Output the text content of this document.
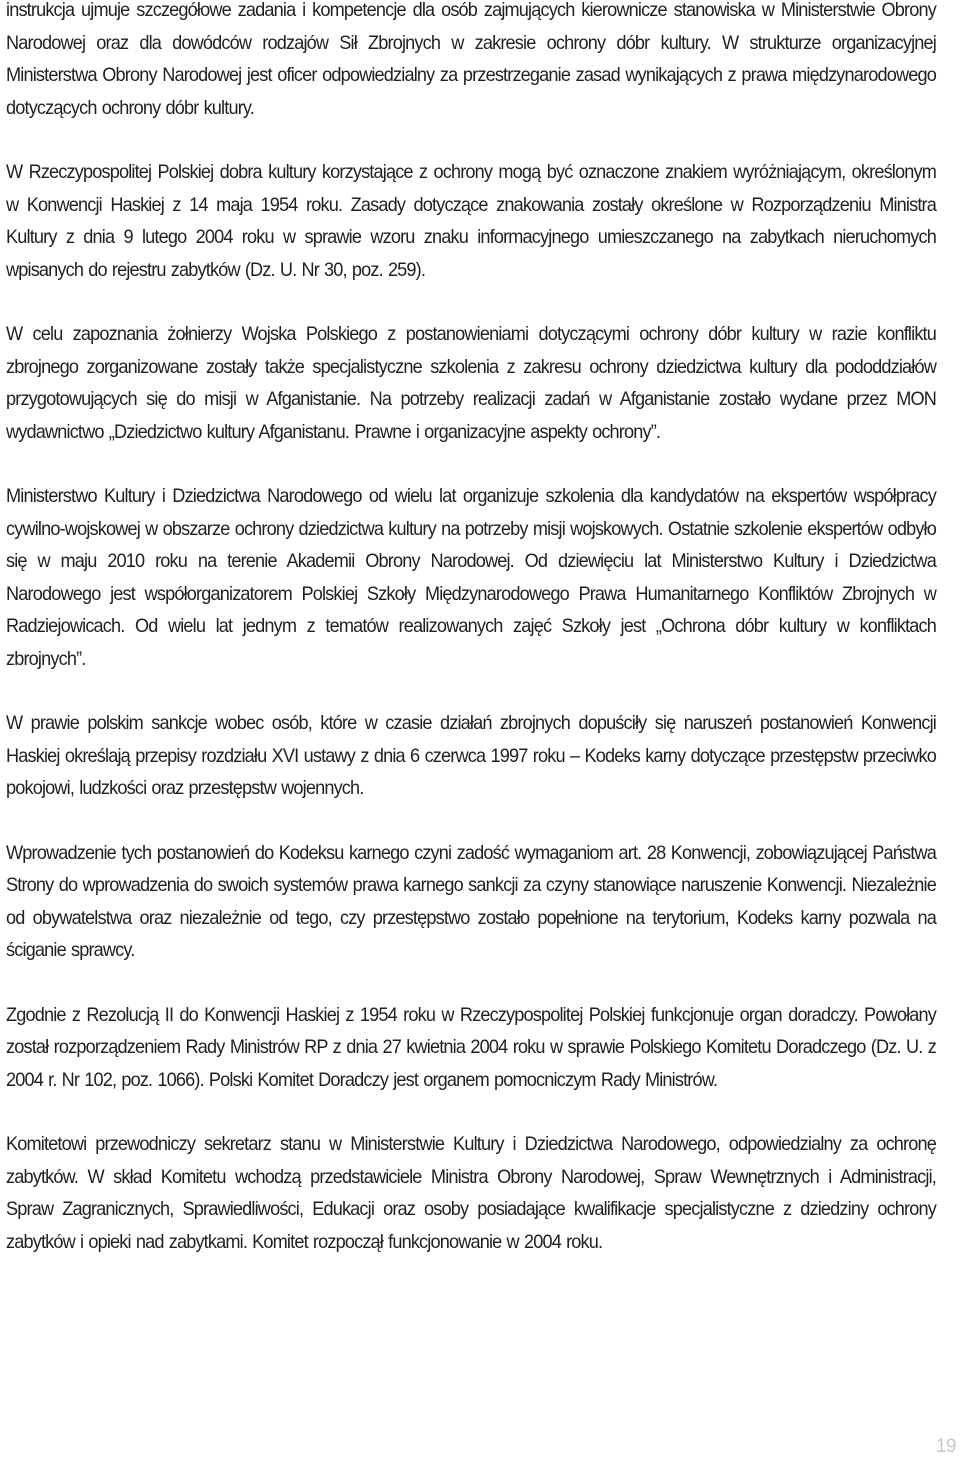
instrukcja ujmuje szczegółowe zadania i kompetencje dla osób zajmujących kierownicze stanowiska w Ministerstwie Obrony Narodowej oraz dla dowódców rodzajów Sił Zbrojnych w zakresie ochrony dóbr kultury. W strukturze organizacyjnej Ministerstwa Obrony Narodowej jest oficer odpowiedzialny za przestrzeganie zasad wynikających z prawa międzynarodowego dotyczących ochrony dóbr kultury.

W Rzeczypospolitej Polskiej dobra kultury korzystające z ochrony mogą być oznaczone znakiem wyróżniającym, określonym w Konwencji Haskiej z 14 maja 1954 roku. Zasady dotyczące znakowania zostały określone w Rozporządzeniu Ministra Kultury z dnia 9 lutego 2004 roku w sprawie wzoru znaku informacyjnego umieszczanego na zabytkach nieruchomych wpisanych do rejestru zabytków (Dz. U. Nr 30, poz. 259).

W celu zapoznania żołnierzy Wojska Polskiego z postanowieniami dotyczącymi ochrony dóbr kultury w razie konfliktu zbrojnego zorganizowane zostały także specjalistyczne szkolenia z zakresu ochrony dziedzictwa kultury dla pododdziałów przygotowujących się do misji w Afganistanie. Na potrzeby realizacji zadań w Afganistanie zostało wydane przez MON wydawnictwo „Dziedzictwo kultury Afganistanu. Prawne i organizacyjne aspekty ochrony”.

Ministerstwo Kultury i Dziedzictwa Narodowego od wielu lat organizuje szkolenia dla kandydatów na ekspertów współpracy cywilno-wojskowej w obszarze ochrony dziedzictwa kultury na potrzeby misji wojskowych. Ostatnie szkolenie ekspertów odbyło się w maju 2010 roku na terenie Akademii Obrony Narodowej. Od dziewięciu lat Ministerstwo Kultury i Dziedzictwa Narodowego jest współorganizatorem Polskiej Szkoły Międzynarodowego Prawa Humanitarnego Konfliktów Zbrojnych w Radziejowicach. Od wielu lat jednym z tematów realizowanych zajęć Szkoły jest „Ochrona dóbr kultury w konfliktach zbrojnych”.

W prawie polskim sankcje wobec osób, które w czasie działań zbrojnych dopuściły się naruszeń postanowień Konwencji Haskiej określają przepisy rozdziału XVI ustawy z dnia 6 czerwca 1997 roku – Kodeks karny dotyczące przestępstw przeciwko pokojowi, ludzkości oraz przestępstw wojennych.

Wprowadzenie tych postanowień do Kodeksu karnego czyni zadość wymaganiom art. 28 Konwencji, zobowiązującej Państwa Strony do wprowadzenia do swoich systemów prawa karnego sankcji za czyny stanowiące naruszenie Konwencji. Niezależnie od obywatelstwa oraz niezależnie od tego, czy przestępstwo zostało popełnione na terytorium, Kodeks karny pozwala na ściganie sprawcy.

Zgodnie z Rezolucją II do Konwencji Haskiej z 1954 roku w Rzeczypospolitej Polskiej funkcjonuje organ doradczy. Powołany został rozporządzeniem Rady Ministrów RP z dnia 27 kwietnia 2004 roku w sprawie Polskiego Komitetu Doradczego (Dz. U. z 2004 r. Nr 102, poz. 1066). Polski Komitet Doradczy jest organem pomocniczym Rady Ministrów.

Komitetowi przewodniczy sekretarz stanu w Ministerstwie Kultury i Dziedzictwa Narodowego, odpowiedzialny za ochronę zabytków. W skład Komitetu wchodzą przedstawiciele Ministra Obrony Narodowej, Spraw Wewnętrznych i Administracji, Spraw Zagranicznych, Sprawiedliwości, Edukacji oraz osoby posiadające kwalifikacje specjalistyczne z dziedziny ochrony zabytków i opieki nad zabytkami. Komitet rozpoczął funkcjonowanie w 2004 roku.

19
